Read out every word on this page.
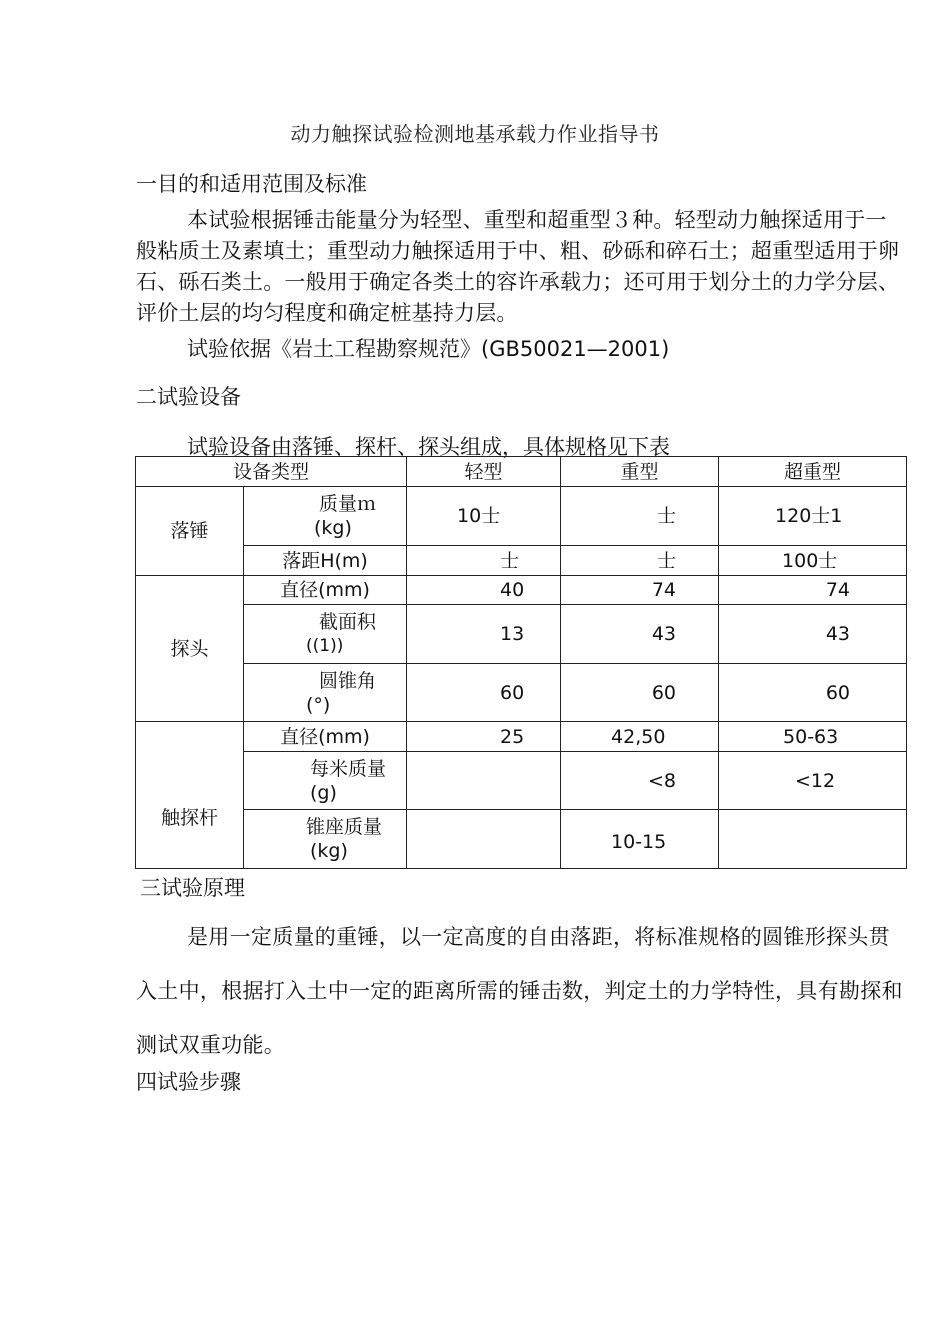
动力触探试验检测地基承载力作业指导书
一目的和适用范围及标准
本试验根据锤击能量分为轻型、重型和超重型３种。轻型动力触探适用于一般粘质土及素填土；重型动力触探适用于中、粗、砂砾和碎石土；超重型适用于卵石、砾石类土。一般用于确定各类土的容许承载力；还可用于划分土的力学分层、评价土层的均匀程度和确定桩基持力层。
试验依据《岩土工程勘察规范》(GB50021—2001)
二试验设备
试验设备由落锤、探杆、探头组成，具体规格见下表
设备类型		轻型	重型	超重型
落锤	质量ｍ
(kg)	10士	士	120士1
	落距H(m)	士	士	100士
探头	直径(mm)	40	74	74

	截面积
((1))	13	43	43

	圆锥角
(°)	60	60	60
触探杆	直径(mm)	25	42,50	50-63

	每米质量
(g)		<8	<12

	锥座质量
(kg)		10-15	
三试验原理
是用一定质量的重锤，以一定高度的自由落距，将标准规格的圆锥形探头贯入土中，根据打入土中一定的距离所需的锤击数，判定土的力学特性，具有勘探和测试双重功能。
四试验步骤
